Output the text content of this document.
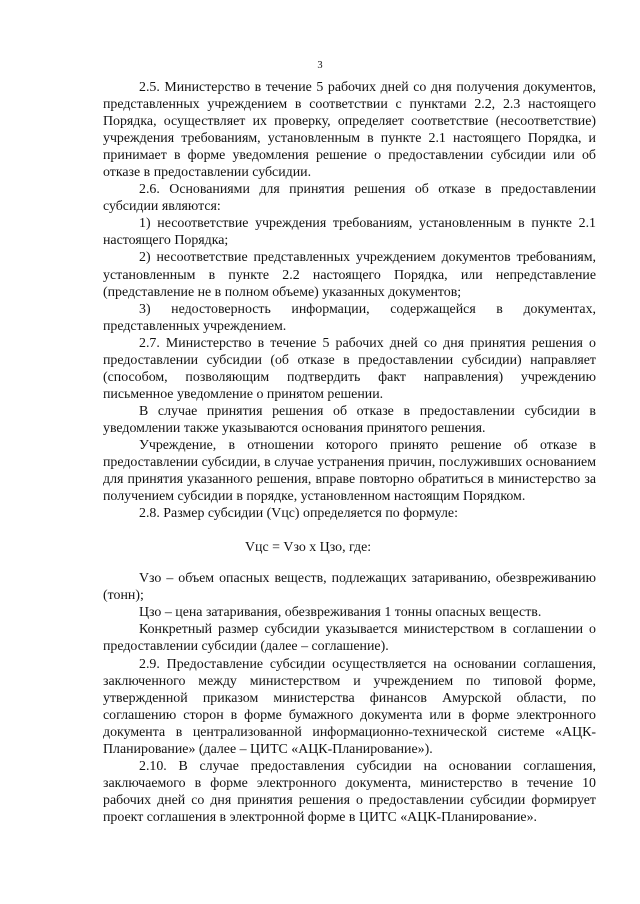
3

2.5. Министерство в течение 5 рабочих дней со дня получения документов, представленных учреждением в соответствии с пунктами 2.2, 2.3 настоящего Порядка, осуществляет их проверку, определяет соответствие (несоответствие) учреждения требованиям, установленным в пункте 2.1 настоящего Порядка, и принимает в форме уведомления решение о предоставлении субсидии или об отказе в предоставлении субсидии.

2.6. Основаниями для принятия решения об отказе в предоставлении субсидии являются:

1) несоответствие учреждения требованиям, установленным в пункте 2.1 настоящего Порядка;

2) несоответствие представленных учреждением документов требованиям, установленным в пункте 2.2 настоящего Порядка, или непредставление (представление не в полном объеме) указанных документов;

3) недостоверность информации, содержащейся в документах, представленных учреждением.

2.7. Министерство в течение 5 рабочих дней со дня принятия решения о предоставлении субсидии (об отказе в предоставлении субсидии) направляет (способом, позволяющим подтвердить факт направления) учреждению письменное уведомление о принятом решении.

В случае принятия решения об отказе в предоставлении субсидии в уведомлении также указываются основания принятого решения.

Учреждение, в отношении которого принято решение об отказе в предоставлении субсидии, в случае устранения причин, послуживших основанием для принятия указанного решения, вправе повторно обратиться в министерство за получением субсидии в порядке, установленном настоящим Порядком.

2.8. Размер субсидии (Vцс) определяется по формуле:

Vцс = Vзо х Цзо, где:

Vзо – объем опасных веществ, подлежащих затариванию, обезвреживанию (тонн);

Цзо – цена затаривания, обезвреживания 1 тонны опасных веществ.

Конкретный размер субсидии указывается министерством в соглашении о предоставлении субсидии (далее – соглашение).

2.9. Предоставление субсидии осуществляется на основании соглашения, заключенного между министерством и учреждением по типовой форме, утвержденной приказом министерства финансов Амурской области, по соглашению сторон в форме бумажного документа или в форме электронного документа в централизованной информационно-технической системе «АЦК-Планирование» (далее – ЦИТС «АЦК-Планирование»).

2.10. В случае предоставления субсидии на основании соглашения, заключаемого в форме электронного документа, министерство в течение 10 рабочих дней со дня принятия решения о предоставлении субсидии формирует проект соглашения в электронной форме в ЦИТС «АЦК-Планирование».
